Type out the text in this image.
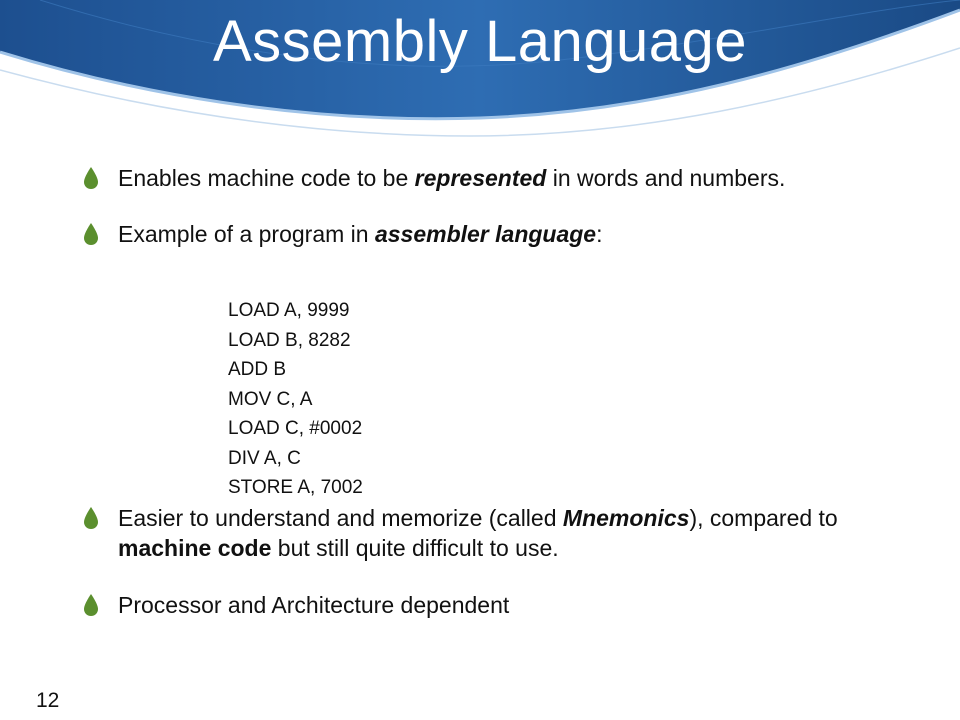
Assembly Language
Enables machine code to be represented in words and numbers.
Example of a program in assembler language:
LOAD A, 9999
LOAD B, 8282
ADD B
MOV C, A
LOAD C, #0002
DIV A, C
STORE A, 7002
Easier to understand and memorize (called Mnemonics), compared to machine code but still quite difficult to use.
Processor and Architecture dependent
12
